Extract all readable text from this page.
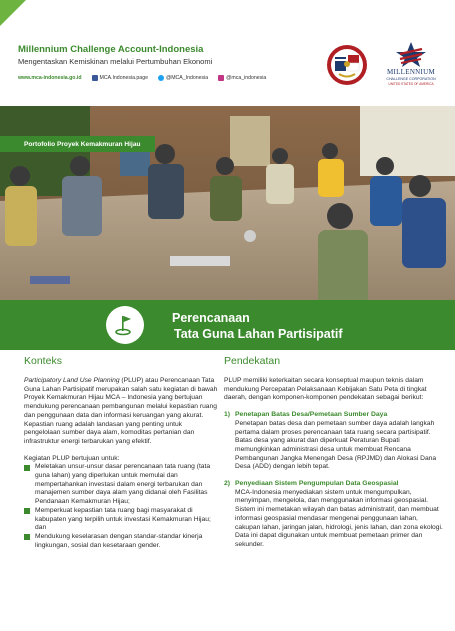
Millennium Challenge Account-Indonesia
Mengentaskan Kemiskinan melalui Pertumbuhan Ekonomi
www.mca-indonesia.go.id	MCA.Indonesia.page	@MCA_Indonesia	@mca_indonesia
MILLENNIUM
CHALLENGE CORPORATION
UNITED STATES OF AMERICA
Portofolio Proyek Kemakmuran Hijau
Perencanaan
Tata Guna Lahan Partisipatif
Konteks

Participatory Land Use Planning (PLUP) atau Perencanaan Tata Guna Lahan Partisipatif merupakan salah satu kegiatan di bawah Proyek Kemakmuran Hijau MCA – Indonesia yang bertujuan mendukung perencanaan pembangunan melalui kepastian ruang dan penggunaan data dan informasi keruangan yang akurat. Kepastian ruang adalah landasan yang penting untuk pengelolaan sumber daya alam, komoditas pertanian dan infrastruktur energi terbarukan yang efektif.

Kegiatan PLUP bertujuan untuk:

Meletakan unsur-unsur dasar perencanaan tata ruang (tata guna lahan) yang diperlukan untuk memulai dan mempertahankan investasi dalam energi terbarukan dan manajemen sumber daya alam yang didanai oleh Fasilitas Pendanaan Kemakmuran Hijau;
Memperkuat kepastian tata ruang bagi masyarakat di kabupaten yang terpilih untuk investasi Kemakmuran Hijau; dan
Mendukung keselarasan dengan standar-standar kinerja lingkungan, sosial dan kesetaraan gender.
Pendekatan

PLUP memiliki keterkaitan secara konseptual maupun teknis dalam mendukung Percepatan Pelaksanaan Kebijakan Satu Peta di tingkat daerah, dengan komponen-komponen pendekatan sebagai berikut:

1) Penetapan Batas Desa/Pemetaan Sumber Daya
Penetapan batas desa dan pemetaan sumber daya adalah langkah pertama dalam proses perencanaan tata ruang secara partisipatif. Batas desa yang akurat dan diperkuat Peraturan Bupati memungkinkan administrasi desa untuk membuat Rencana Pembangunan Jangka Menengah Desa (RPJMD) dan Alokasi Dana Desa (ADD) dengan lebih tepat.
2) Penyediaan Sistem Pengumpulan Data Geospasial
MCA-Indonesia menyediakan sistem untuk mengumpulkan, menyimpan, mengelola, dan menggunakan informasi geospasial. Sistem ini memetakan wilayah dan batas administratif, dan membuat informasi geospasial mendasar mengenai penggunaan lahan, cakupan lahan, jaringan jalan, hidrologi, jenis lahan, dan zona ekologi. Data ini dapat digunakan untuk membuat pemetaan primer dan sekunder.
